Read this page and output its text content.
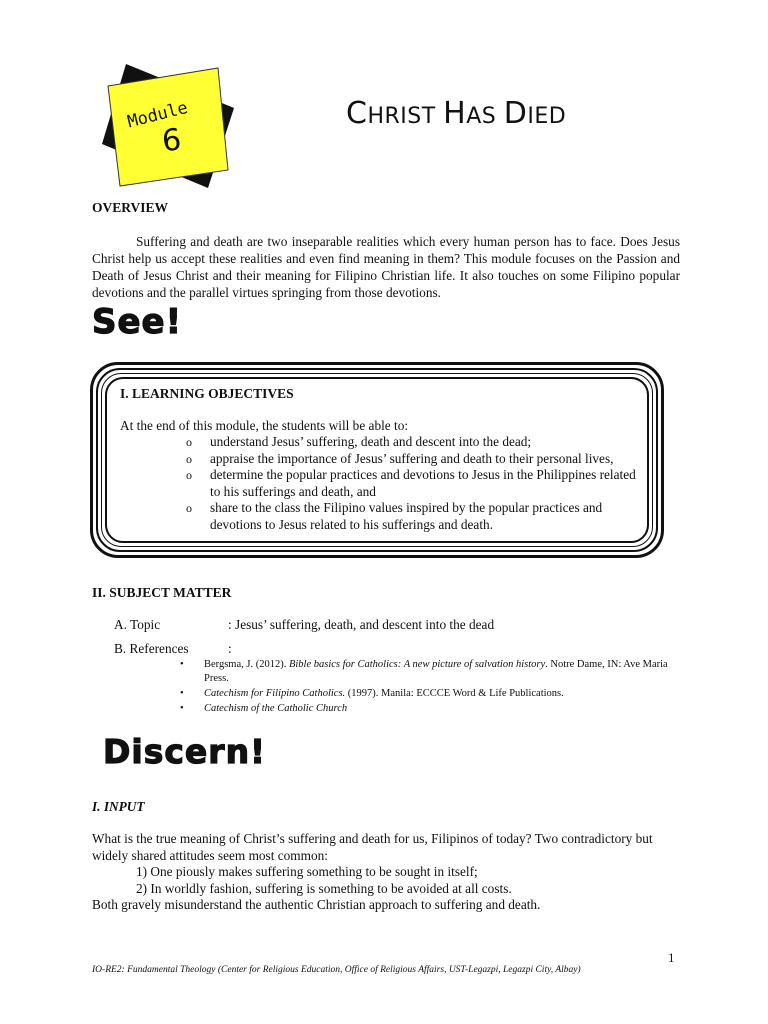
Module
6
CHRIST HAS DIED
OVERVIEW

Suffering and death are two inseparable realities which every human person has to face. Does Jesus Christ help us accept these realities and even find meaning in them? This module focuses on the Passion and Death of Jesus Christ and their meaning for Filipino Christian life. It also touches on some Filipino popular devotions and the parallel virtues springing from those devotions.

See!
I. LEARNING OBJECTIVES
At the end of this module, the students will be able to:
o	understand Jesus’ suffering, death and descent into the dead;
o	appraise the importance of Jesus’ suffering and death to their personal lives,
o	determine the popular practices and devotions to Jesus in the Philippines related to his sufferings and death, and
o	share to the class the Filipino values inspired by the popular practices and devotions to Jesus related to his sufferings and death.
II. SUBJECT MATTER
A. Topic	: Jesus’ suffering, death, and descent into the dead
B. References	:
•	Bergsma, J. (2012). Bible basics for Catholics: A new picture of salvation history. Notre Dame, IN: Ave Maria Press.
•	Catechism for Filipino Catholics. (1997). Manila: ECCCE Word & Life Publications.
•	Catechism of the Catholic Church
Discern!
I. INPUT
What is the true meaning of Christ’s suffering and death for us, Filipinos of today? Two contradictory but widely shared attitudes seem most common:
1) One piously makes suffering something to be sought in itself;
2) In worldly fashion, suffering is something to be avoided at all costs.
Both gravely misunderstand the authentic Christian approach to suffering and death.
1
IO-RE2: Fundamental Theology (Center for Religious Education, Office of Religious Affairs, UST-Legazpi, Legazpi City, Albay)
